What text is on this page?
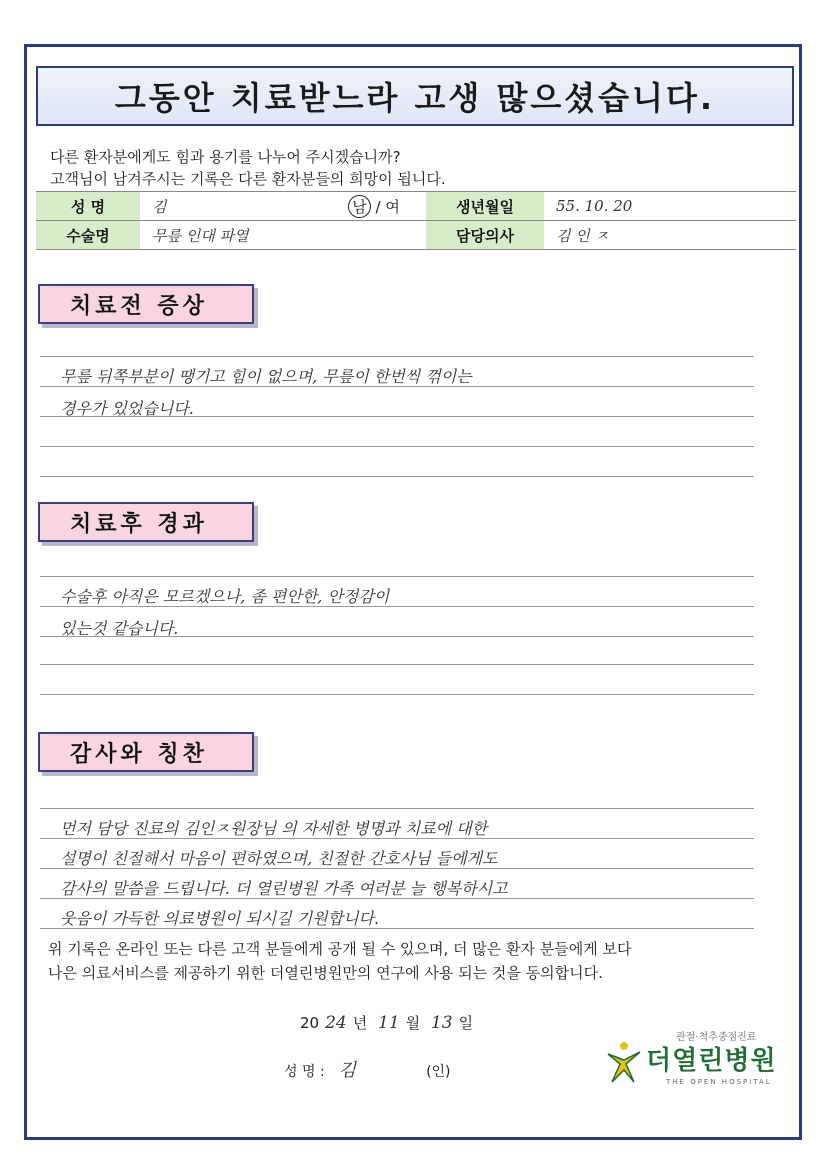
그동안 치료받느라 고생 많으셨습니다.
다른 환자분에게도 힘과 용기를 나누어 주시겠습니까?
고객님이 남겨주시는 기록은 다른 환자분들의 희망이 됩니다.
성 명	김	남 / 여	생년월일	55. 10. 20
수술명	무릎 인대 파열		담당의사	김 인 ㅈ
치료전 증상
무릎 뒤쪽부분이 땡기고 힘이 없으며, 무릎이 한번씩 꺾이는
경우가 있었습니다.
치료후 경과
수술후 아직은 모르겠으나, 좀 편안한, 안정감이
있는것 같습니다.
감사와 칭찬
먼저 담당 진료의 김인ㅈ원장님 의 자세한 병명과 치료에 대한
설명이 친절해서 마음이 편하였으며, 친절한 간호사님 들에게도
감사의 말씀을 드립니다. 더 열린병원 가족 여러분 늘 행복하시고
웃음이 가득한 의료병원이 되시길 기원합니다.
위 기록은 온라인 또는 다른 고객 분들에게 공개 될 수 있으며, 더 많은 환자 분들에게 보다
나은 의료서비스를 제공하기 위한 더열린병원만의 연구에 사용 되는 것을 동의합니다.
20 24 년 11 월 13 일
성 명 : 김	(인)
관절·척추중점진료
더열린병원
THE OPEN HOSPITAL
